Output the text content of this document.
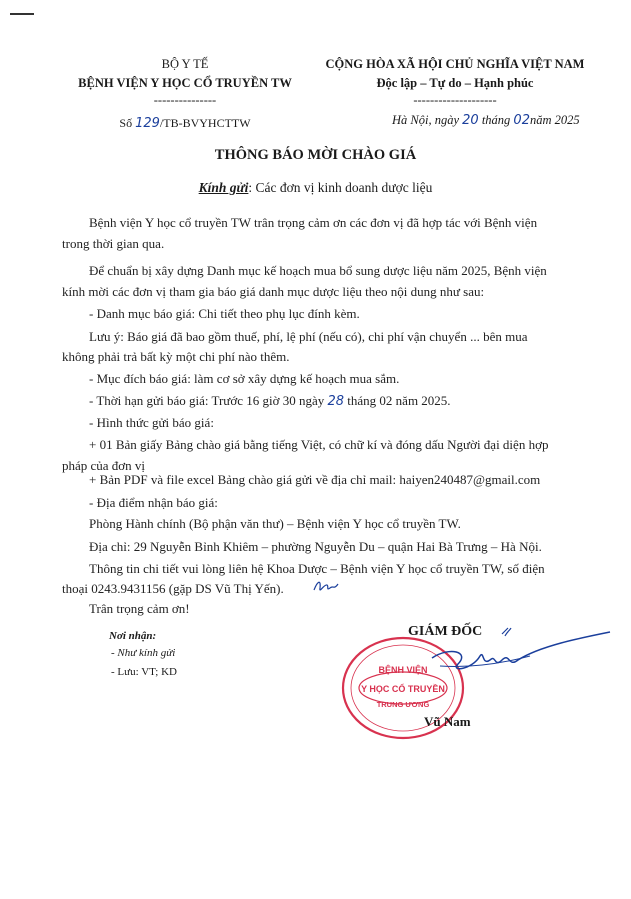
BỘ Y TẾ
BỆNH VIỆN Y HỌC CỔ TRUYỀN TW
---------------
Số 129/TB-BVYHCTTW
CỘNG HÒA XÃ HỘI CHỦ NGHĨA VIỆT NAM
Độc lập – Tự do – Hạnh phúc
--------------------
Hà Nội, ngày 20 tháng 02năm 2025
THÔNG BÁO MỜI CHÀO GIÁ
Kính gửi: Các đơn vị kinh doanh dược liệu
Bệnh viện Y học cổ truyền TW trân trọng cảm ơn các đơn vị đã hợp tác với Bệnh viện
trong thời gian qua.
Để chuẩn bị xây dựng Danh mục kế hoạch mua bổ sung dược liệu năm 2025, Bệnh viện
kính mời các đơn vị tham gia báo giá danh mục dược liệu theo nội dung như sau:
- Danh mục báo giá: Chi tiết theo phụ lục đính kèm.
Lưu ý: Báo giá đã bao gồm thuế, phí, lệ phí (nếu có), chi phí vận chuyển ... bên mua
không phải trả bất kỳ một chi phí nào thêm.
- Mục đích báo giá: làm cơ sở xây dựng kế hoạch mua sắm.
- Thời hạn gửi báo giá: Trước 16 giờ 30 ngày 28 tháng 02 năm 2025.
- Hình thức gửi báo giá:
+ 01 Bản giấy Bảng chào giá bằng tiếng Việt, có chữ kí và đóng dấu Người đại diện hợp
pháp của đơn vị
+ Bản PDF và file excel Bảng chào giá gửi về địa chỉ mail: haiyen240487@gmail.com
- Địa điểm nhận báo giá:
Phòng Hành chính (Bộ phận văn thư) – Bệnh viện Y học cổ truyền TW.
Địa chỉ: 29 Nguyễn Bỉnh Khiêm – phường Nguyễn Du – quận Hai Bà Trưng – Hà Nội.
Thông tin chi tiết vui lòng liên hệ Khoa Dược – Bệnh viện Y học cổ truyền TW, số điện
thoại 0243.9431156 (gặp DS Vũ Thị Yến).
Trân trọng cảm ơn!
Nơi nhận:
- Như kính gửi
- Lưu: VT; KD
GIÁM ĐỐC
BỆNH VIỆN
Y HỌC CỔ TRUYỀN
TRUNG ƯƠNG
Vũ Nam
